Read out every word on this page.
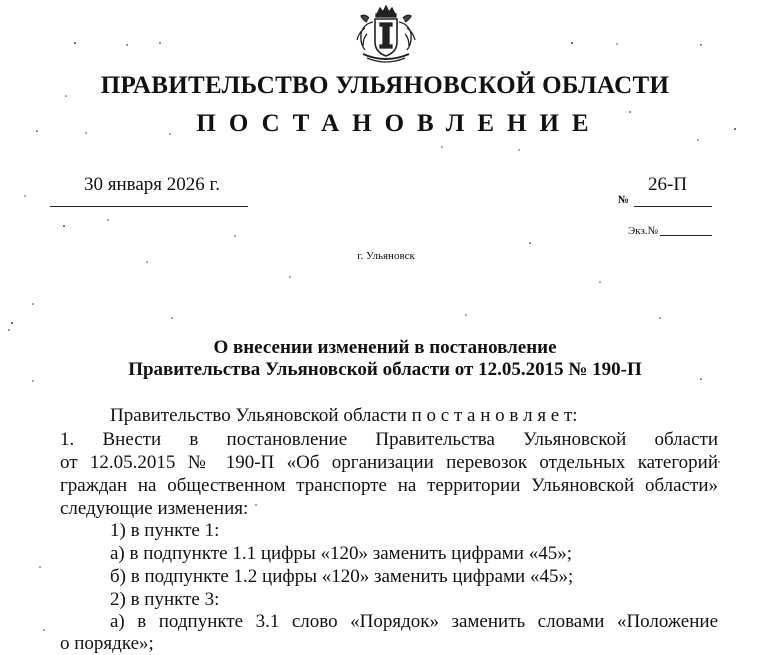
ПРАВИТЕЛЬСТВО УЛЬЯНОВСКОЙ ОБЛАСТИ
ПОСТАНОВЛЕНИЕ
30 января 2026 г.	26-П
№
Экз.№
г. Ульяновск
О внесении изменений в постановление
Правительства Ульяновской области от 12.05.2015 № 190-П
Правительство Ульяновской области п о с т а н о в л я е т:
1. Внести в постановление Правительства Ульяновской области
от 12.05.2015 № 190-П «Об организации перевозок отдельных категорий
граждан на общественном транспорте на территории Ульяновской области»
следующие изменения:
1) в пункте 1:
а) в подпункте 1.1 цифры «120» заменить цифрами «45»;
б) в подпункте 1.2 цифры «120» заменить цифрами «45»;
2) в пункте 3:
а) в подпункте 3.1 слово «Порядок» заменить словами «Положение
о порядке»;
